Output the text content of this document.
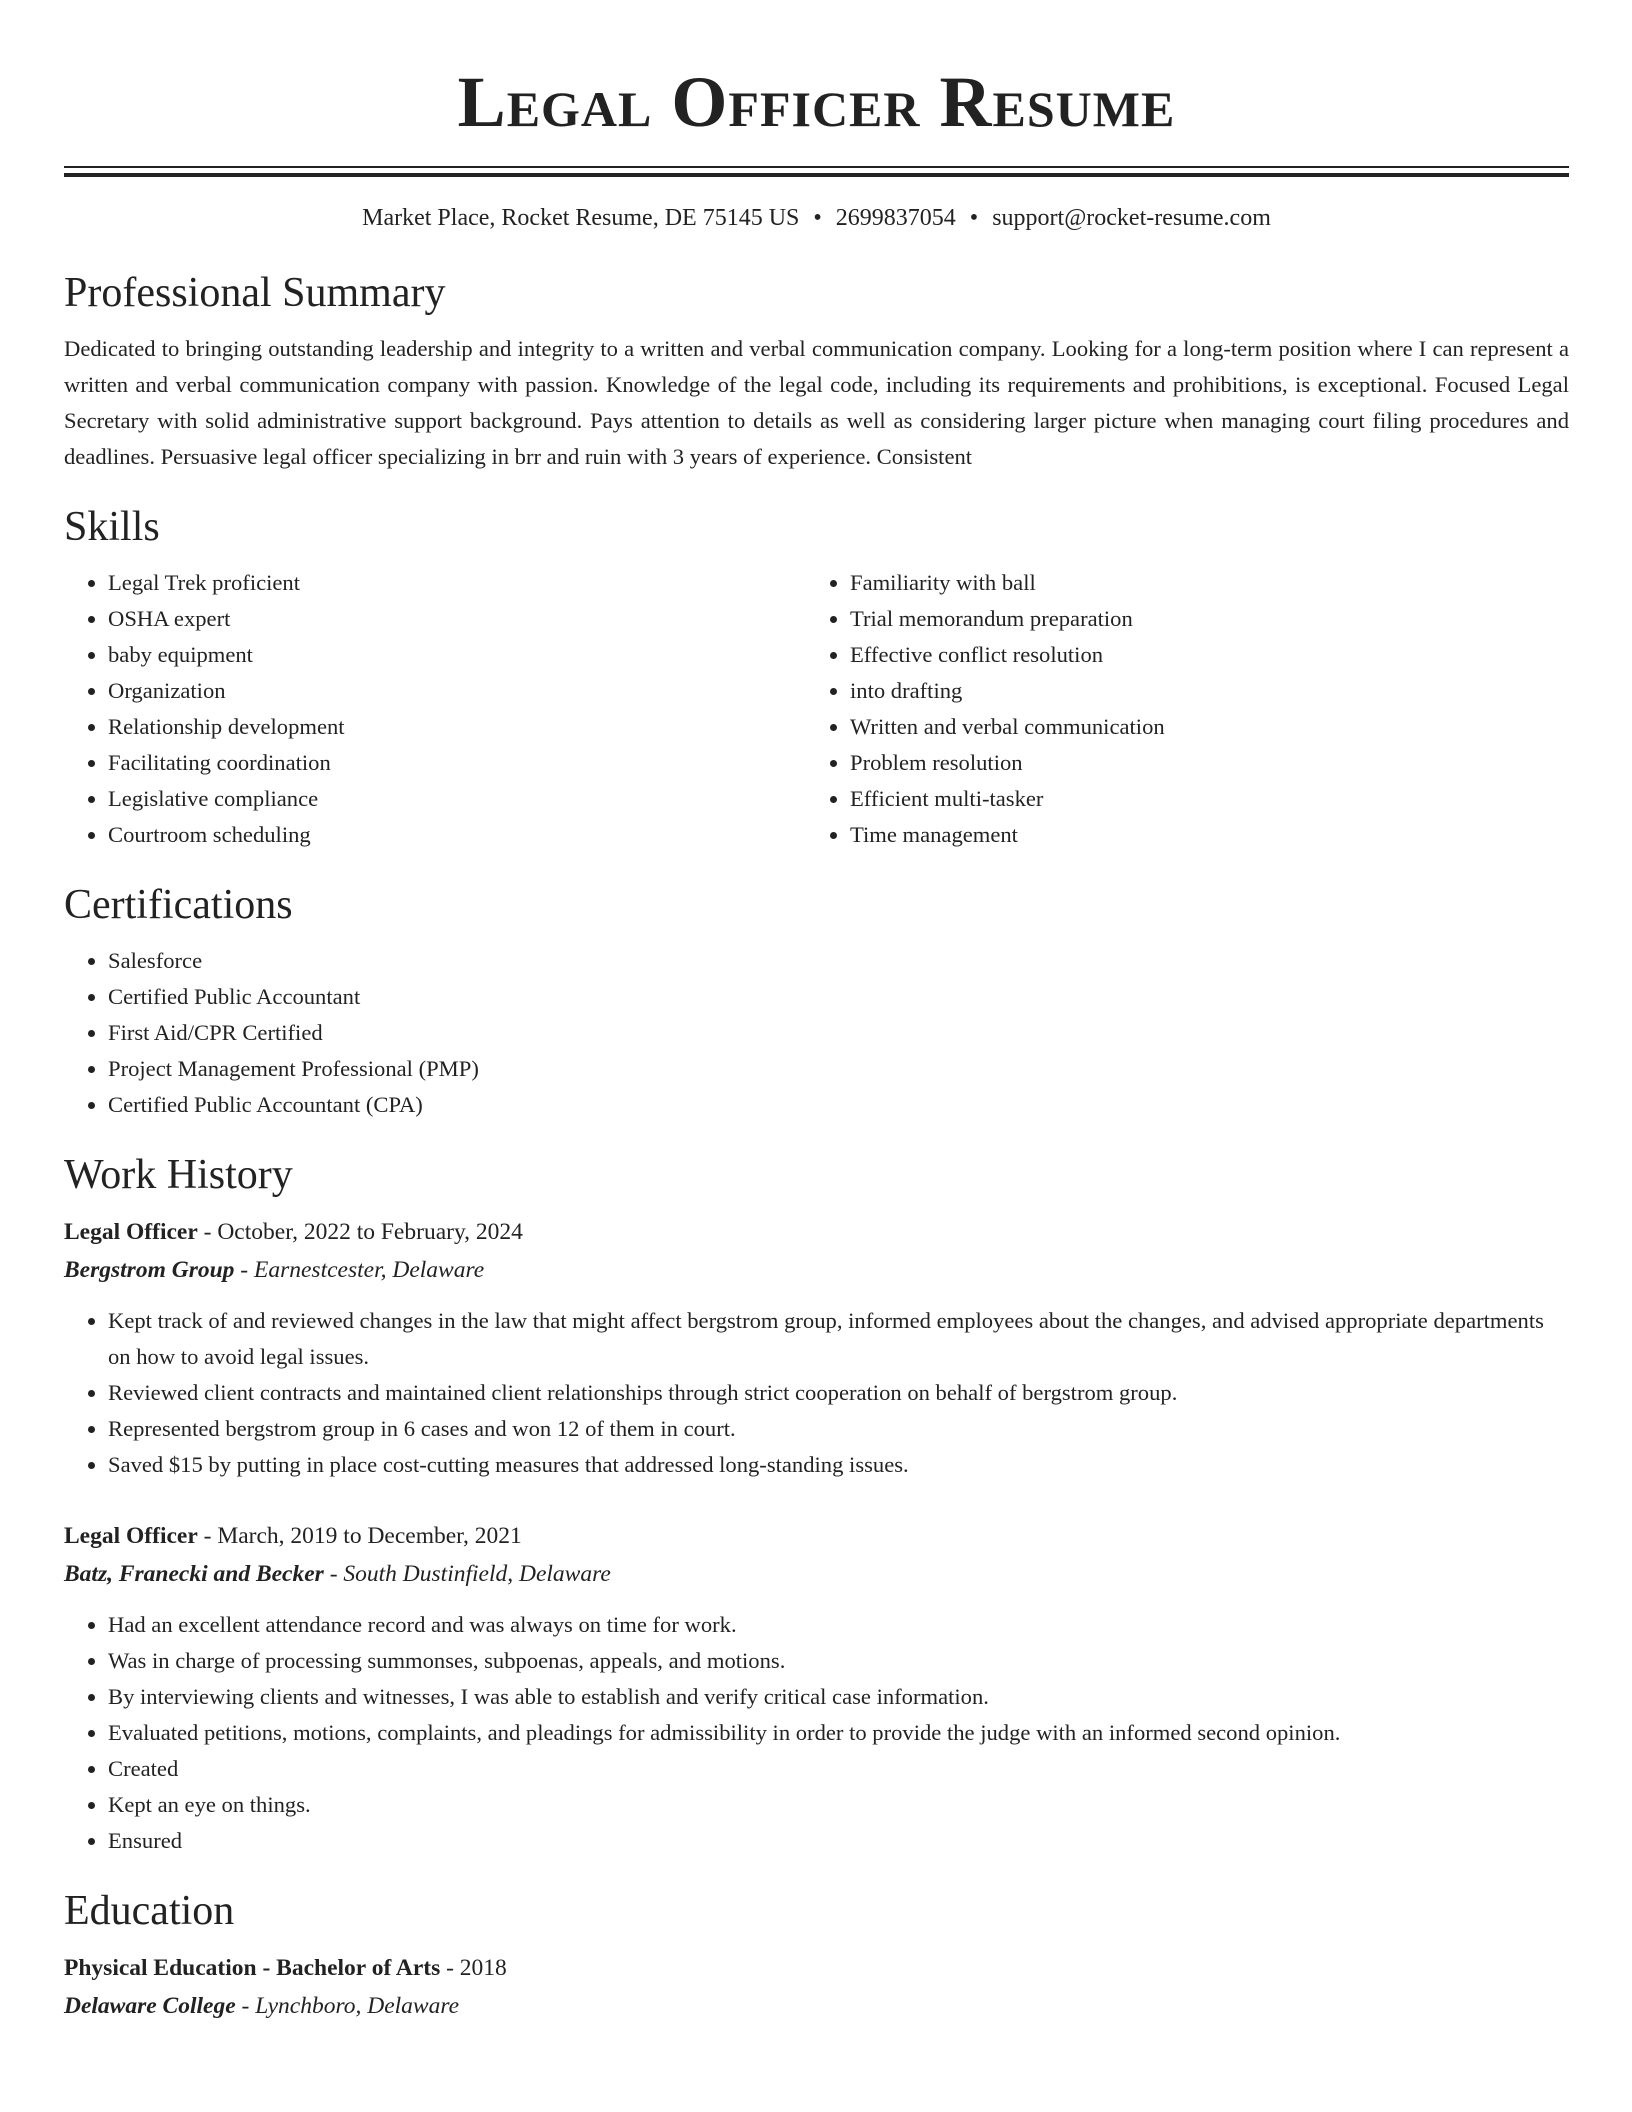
Legal Officer Resume
Market Place, Rocket Resume, DE 75145 US • 2699837054 • support@rocket-resume.com
Professional Summary

Dedicated to bringing outstanding leadership and integrity to a written and verbal communication company. Looking for a long-term position where I can represent a written and verbal communication company with passion. Knowledge of the legal code, including its requirements and prohibitions, is exceptional. Focused Legal Secretary with solid administrative support background. Pays attention to details as well as considering larger picture when managing court filing procedures and deadlines. Persuasive legal officer specializing in brr and ruin with 3 years of experience. Consistent

Skills
• Legal Trek proficient
• OSHA expert
• baby equipment
• Organization
• Relationship development
• Facilitating coordination
• Legislative compliance
• Courtroom scheduling
• Familiarity with ball
• Trial memorandum preparation
• Effective conflict resolution
• into drafting
• Written and verbal communication
• Problem resolution
• Efficient multi-tasker
• Time management
Certifications
• Salesforce
• Certified Public Accountant
• First Aid/CPR Certified
• Project Management Professional (PMP)
• Certified Public Accountant (CPA)
Work History
Legal Officer - October, 2022 to February, 2024
Bergstrom Group - Earnestcester, Delaware
• Kept track of and reviewed changes in the law that might affect bergstrom group, informed employees about the changes, and advised appropriate departments on how to avoid legal issues.
• Reviewed client contracts and maintained client relationships through strict cooperation on behalf of bergstrom group.
• Represented bergstrom group in 6 cases and won 12 of them in court.
• Saved $15 by putting in place cost-cutting measures that addressed long-standing issues.
Legal Officer - March, 2019 to December, 2021
Batz, Franecki and Becker - South Dustinfield, Delaware
• Had an excellent attendance record and was always on time for work.
• Was in charge of processing summonses, subpoenas, appeals, and motions.
• By interviewing clients and witnesses, I was able to establish and verify critical case information.
• Evaluated petitions, motions, complaints, and pleadings for admissibility in order to provide the judge with an informed second opinion.
• Created
• Kept an eye on things.
• Ensured
Education
Physical Education - Bachelor of Arts - 2018
Delaware College - Lynchboro, Delaware
